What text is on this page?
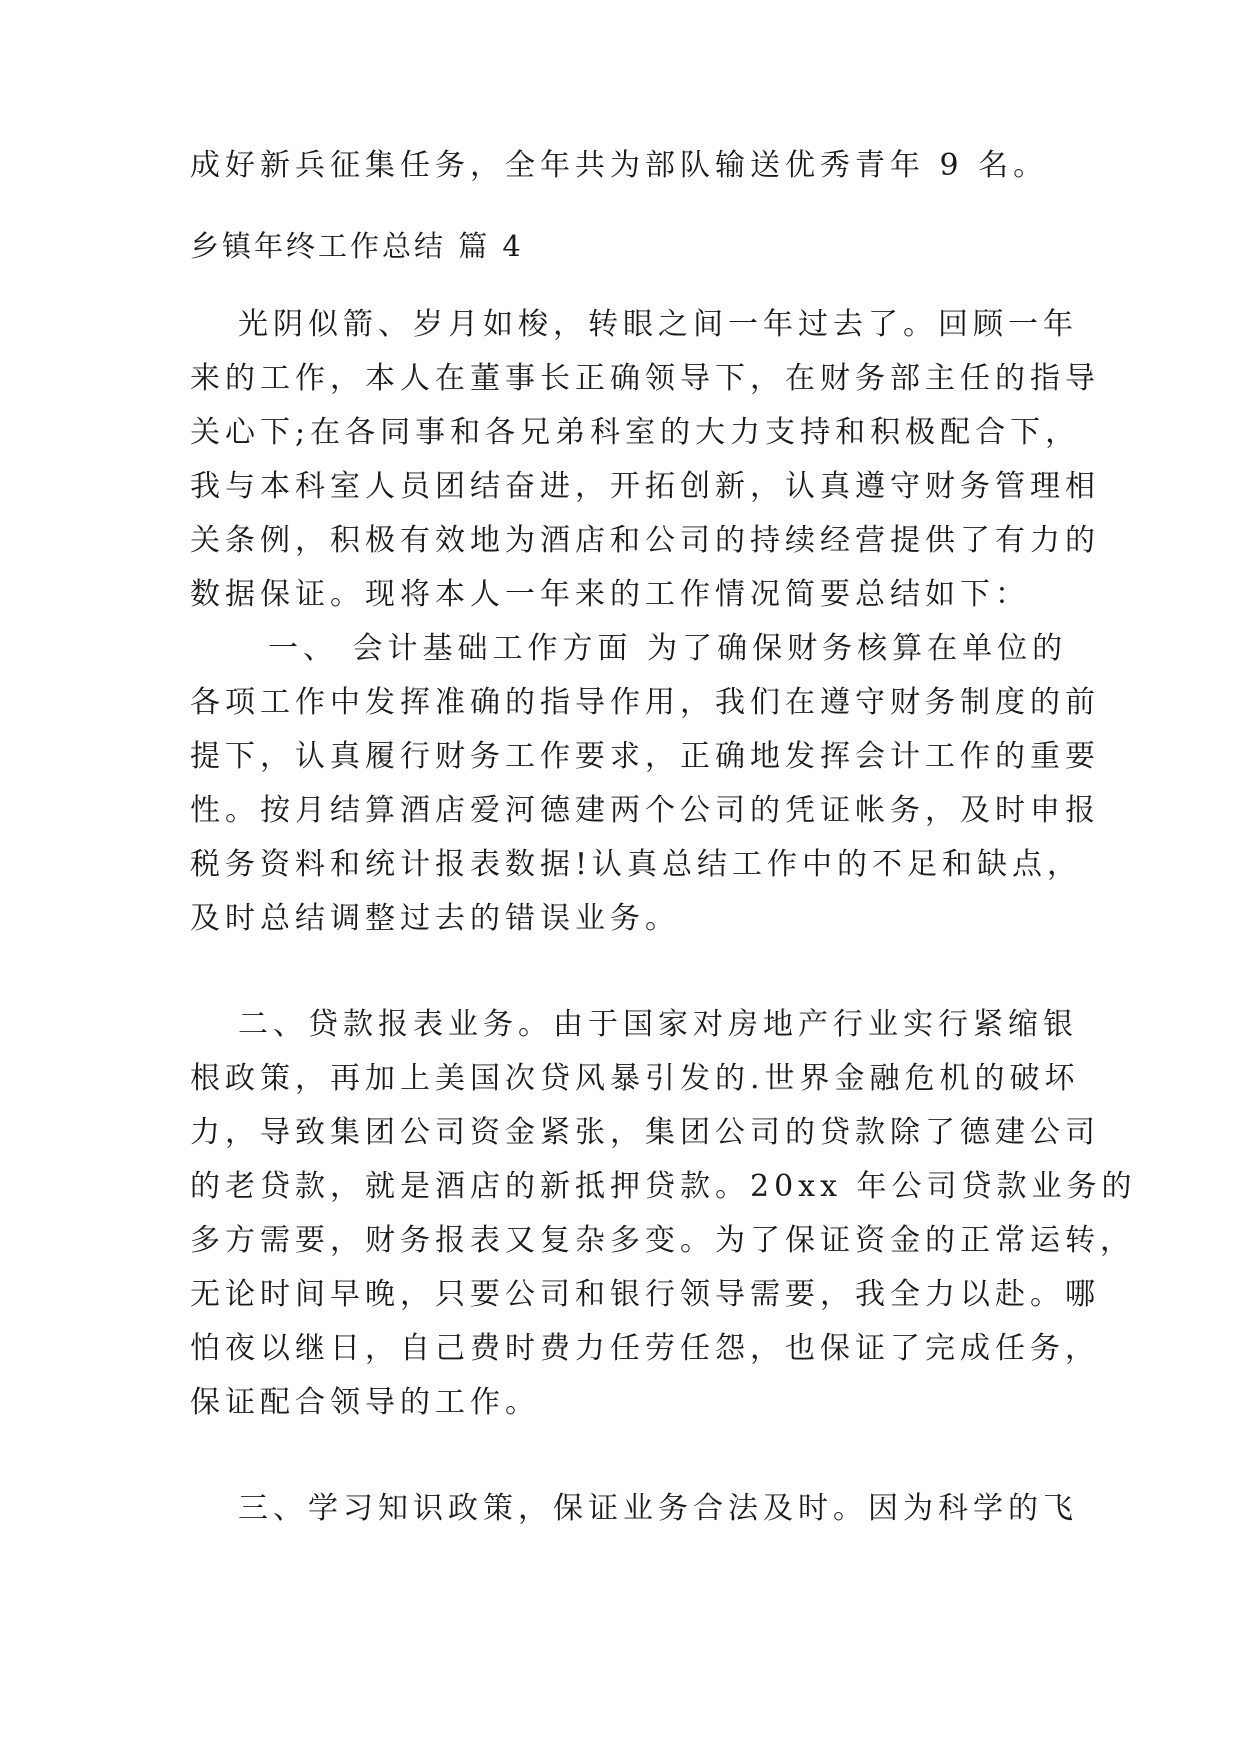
成好新兵征集任务，全年共为部队输送优秀青年 9 名。
乡镇年终工作总结 篇 4
光阴似箭、岁月如梭，转眼之间一年过去了。回顾一年
来的工作，本人在董事长正确领导下，在财务部主任的指导
关心下;在各同事和各兄弟科室的大力支持和积极配合下，
我与本科室人员团结奋进，开拓创新，认真遵守财务管理相
关条例，积极有效地为酒店和公司的持续经营提供了有力的
数据保证。现将本人一年来的工作情况简要总结如下：
一、 会计基础工作方面 为了确保财务核算在单位的
各项工作中发挥准确的指导作用，我们在遵守财务制度的前
提下，认真履行财务工作要求，正确地发挥会计工作的重要
性。按月结算酒店爱河德建两个公司的凭证帐务，及时申报
税务资料和统计报表数据!认真总结工作中的不足和缺点，
及时总结调整过去的错误业务。
二、贷款报表业务。由于国家对房地产行业实行紧缩银
根政策，再加上美国次贷风暴引发的.世界金融危机的破坏
力，导致集团公司资金紧张，集团公司的贷款除了德建公司
的老贷款，就是酒店的新抵押贷款。20xx 年公司贷款业务的
多方需要，财务报表又复杂多变。为了保证资金的正常运转，
无论时间早晚，只要公司和银行领导需要，我全力以赴。哪
怕夜以继日，自己费时费力任劳任怨，也保证了完成任务，
保证配合领导的工作。
三、学习知识政策，保证业务合法及时。因为科学的飞
